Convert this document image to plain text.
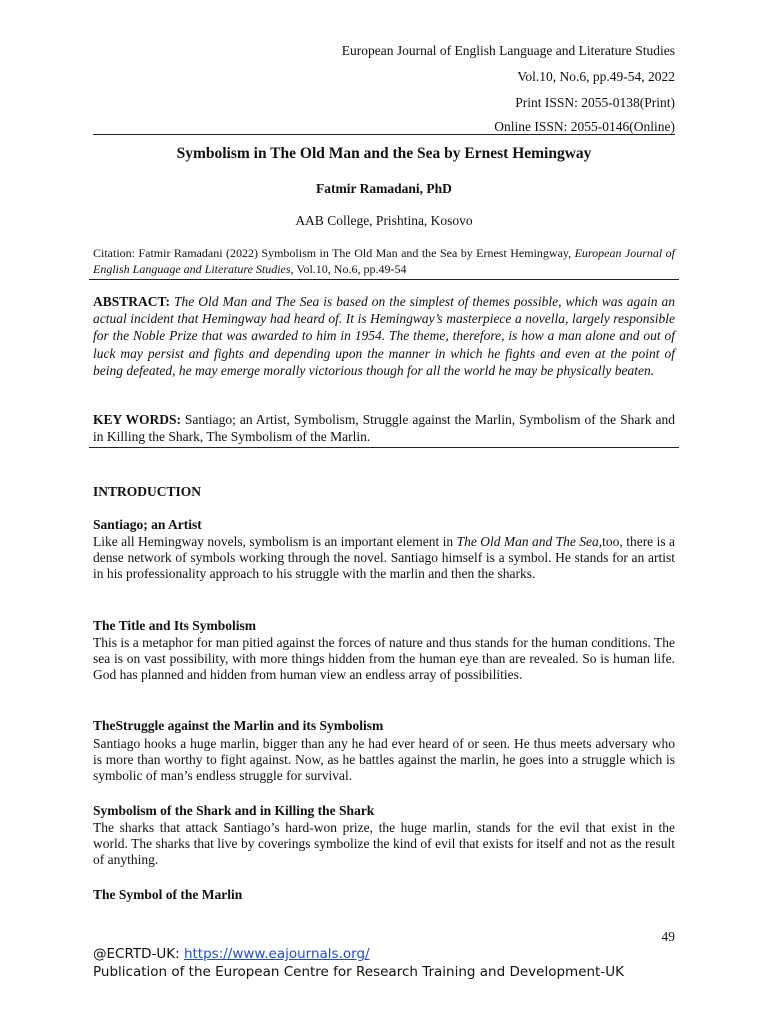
European Journal of English Language and Literature Studies
Vol.10, No.6, pp.49-54, 2022
Print ISSN: 2055-0138(Print)
Online ISSN: 2055-0146(Online)
Symbolism in The Old Man and the Sea by Ernest Hemingway
Fatmir Ramadani, PhD
AAB College, Prishtina, Kosovo
Citation: Fatmir Ramadani (2022) Symbolism in The Old Man and the Sea by Ernest Hemingway, European Journal of English Language and Literature Studies, Vol.10, No.6, pp.49-54
ABSTRACT: The Old Man and The Sea is based on the simplest of themes possible, which was again an actual incident that Hemingway had heard of. It is Hemingway’s masterpiece a novella, largely responsible for the Noble Prize that was awarded to him in 1954. The theme, therefore, is how a man alone and out of luck may persist and fights and depending upon the manner in which he fights and even at the point of being defeated, he may emerge morally victorious though for all the world he may be physically beaten.
KEY WORDS: Santiago; an Artist, Symbolism, Struggle against the Marlin, Symbolism of the Shark and in Killing the Shark, The Symbolism of the Marlin.
INTRODUCTION
Santiago; an Artist
Like all Hemingway novels, symbolism is an important element in The Old Man and The Sea,too, there is a dense network of symbols working through the novel. Santiago himself is a symbol. He stands for an artist in his professionality approach to his struggle with the marlin and then the sharks.
The Title and Its Symbolism
This is a metaphor for man pitied against the forces of nature and thus stands for the human conditions. The sea is on vast possibility, with more things hidden from the human eye than are revealed. So is human life. God has planned and hidden from human view an endless array of possibilities.
TheStruggle against the Marlin and its Symbolism
Santiago hooks a huge marlin, bigger than any he had ever heard of or seen. He thus meets adversary who is more than worthy to fight against. Now, as he battles against the marlin, he goes into a struggle which is symbolic of man’s endless struggle for survival.
Symbolism of the Shark and in Killing the Shark
The sharks that attack Santiago’s hard-won prize, the huge marlin, stands for the evil that exist in the world. The sharks that live by coverings symbolize the kind of evil that exists for itself and not as the result of anything.
The Symbol of the Marlin
49
@ECRTD-UK: https://www.eajournals.org/
Publication of the European Centre for Research Training and Development-UK
